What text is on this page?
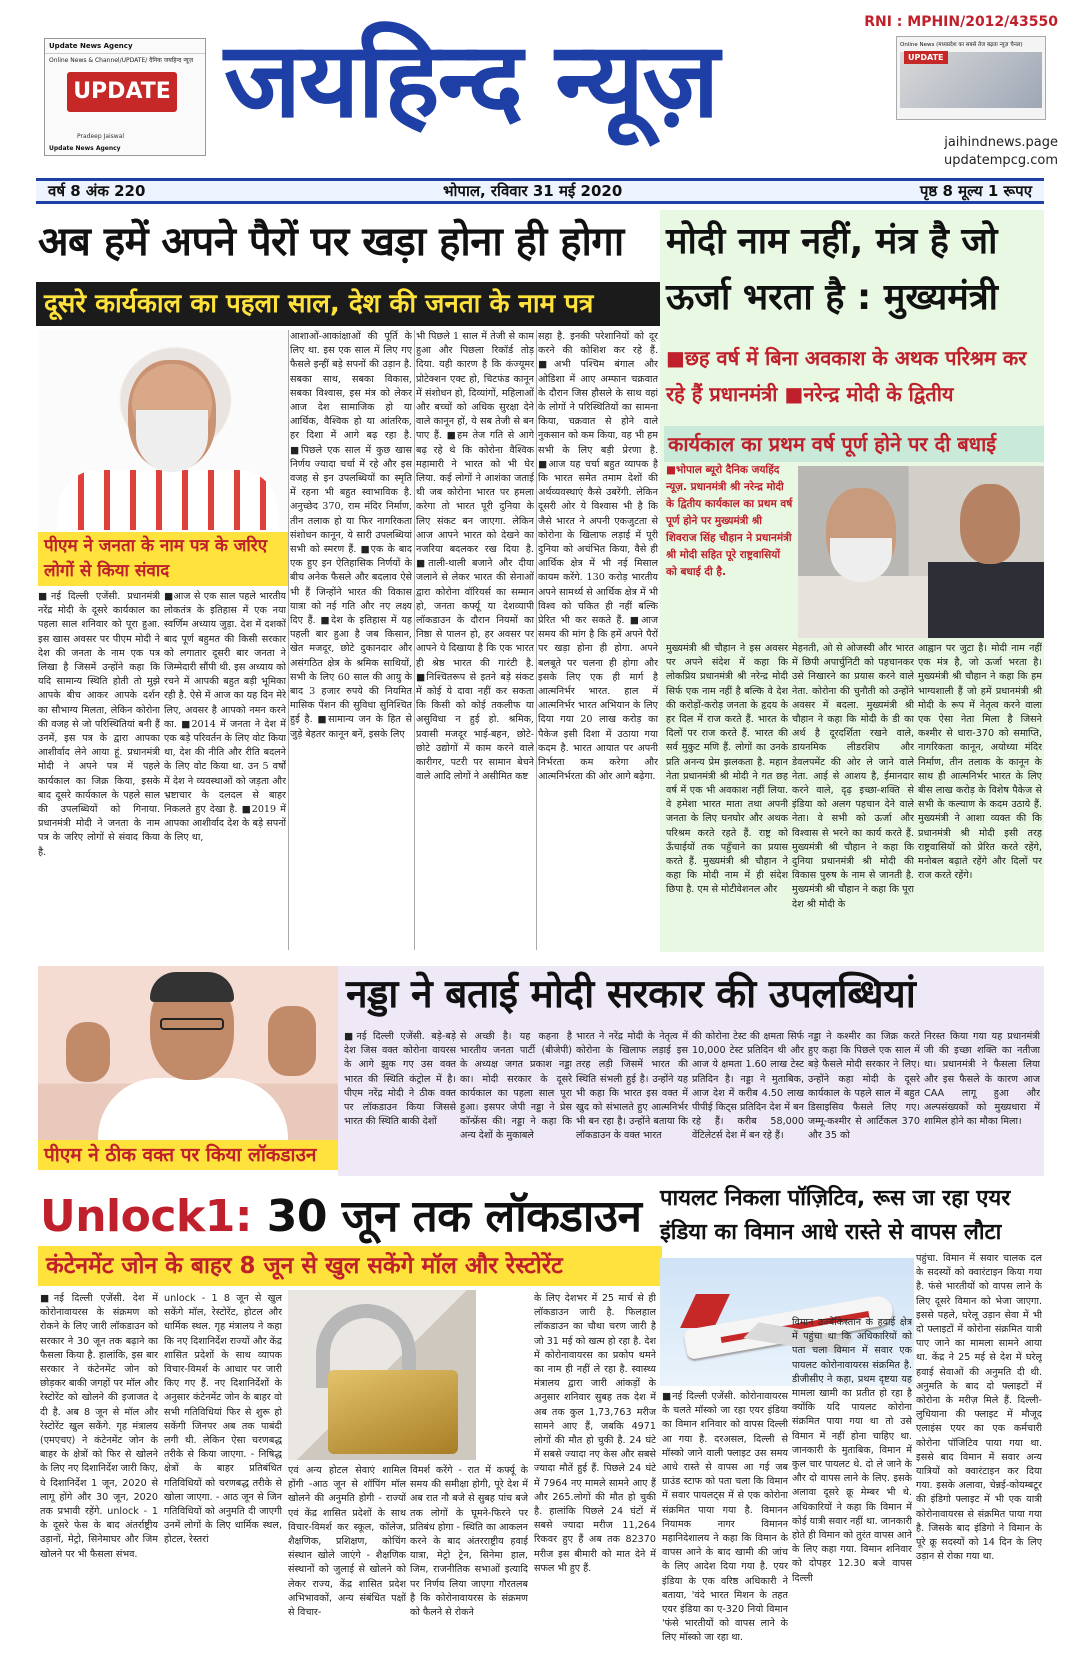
RNI : MPHIN/2012/43550
Update News Agency
Online News & Channel/UPDATE/ दैनिक जयहिन्द न्यूज़
UPDATE
Pradeep Jaiswal
Update News Agency
जयहिन्द न्यूज़	Online News (मध्यप्रदेश का सबसे तेज बढ़ता न्यूज़ चैनल)
UPDATE
jaihindnews.page
updatempcg.com
वर्ष 8 अंक 220	भोपाल, रविवार 31 मई 2020	पृष्ठ 8 मूल्य 1 रूपए
अब हमें अपने पैरों पर खड़ा होना ही होगा
दूसरे कार्यकाल का पहला साल, देश की जनता के नाम पत्र
पीएम ने जनता के नाम पत्र के जरिए लोगों से किया संवाद
■नई दिल्ली एजेंसी. प्रधानमंत्री नरेंद्र मोदी के दूसरे कार्यकाल का पहला साल शनिवार को पूरा हुआ. इस खास अवसर पर पीएम मोदी ने देश की जनता के नाम एक पत्र लिखा है जिसमें उन्होंने कहा कि यदि सामान्य स्थिति होती तो मुझे आपके बीच आकर आपके दर्शन का सौभाग्य मिलता, लेकिन कोरोना की वजह से जो परिस्थितियां बनी हैं उनमें, इस पत्र के द्वारा आपका आशीर्वाद लेने आया हूं. प्रधानमंत्री मोदी ने अपने पत्र में पहले कार्यकाल का जिक्र किया, इसके बाद दूसरे कार्यकाल के पहले साल की उपलब्धियों को गिनाया. प्रधानमंत्री मोदी ने जनता के नाम पत्र के जरिए लोगों से संवाद किया है.
■आज से एक साल पहले भारतीय लोकतंत्र के इतिहास में एक नया स्वर्णिम अध्याय जुड़ा. देश में दशकों बाद पूर्ण बहुमत की किसी सरकार को लगातार दूसरी बार जनता ने जिम्मेदारी सौंपी थी. इस अध्याय को रचने में आपकी बहुत बड़ी भूमिका रही है. ऐसे में आज का यह दिन मेरे लिए, अवसर है आपको नमन करने का. ■2014 में जनता ने देश में एक बड़े परिवर्तन के लिए वोट किया था, देश की नीति और रीति बदलने के लिए वोट किया था. उन 5 वर्षों में देश ने व्यवस्थाओं को जड़ता और भ्रष्टाचार के दलदल से बाहर निकलते हुए देखा है. ■2019 में आपका आशीर्वाद देश के बड़े सपनों के लिए था,
आशाओं-आकांक्षाओं की पूर्ति के लिए था. इस एक साल में लिए गए फैसले इन्हीं बड़े सपनों की उड़ान है. सबका साथ, सबका विकास, सबका विश्वास, इस मंत्र को लेकर आज देश सामाजिक हो या आर्थिक, वैश्विक हो या आंतरिक, हर दिशा में आगे बढ़ रहा है. ■पिछले एक साल में कुछ खास निर्णय ज्यादा चर्चा में रहे और इस वजह से इन उपलब्धियों का स्मृति में रहना भी बहुत स्वाभाविक है. अनुच्छेद 370, राम मंदिर निर्माण, तीन तलाक हो या फिर नागरिकता संशोधन कानून, ये सारी उपलब्धियां सभी को स्मरण हैं. ■एक के बाद एक हुए इन ऐतिहासिक निर्णयों के बीच अनेक फैसले और बदलाव ऐसे भी हैं जिन्होंने भारत की विकास यात्रा को नई गति और नए लक्ष्य दिए हैं. ■देश के इतिहास में यह पहली बार हुआ है जब किसान, खेत मजदूर, छोटे दुकानदार और असंगठित क्षेत्र के श्रमिक साथियों, सभी के लिए 60 साल की आयु के बाद 3 हजार रुपये की नियमित मासिक पेंशन की सुविधा सुनिश्चित हुई है. ■सामान्य जन के हित से जुड़े बेहतर कानून बनें, इसके लिए
भी पिछले 1 साल में तेजी से काम हुआ और पिछला रिकॉर्ड तोड़ दिया. यही कारण है कि कंज्यूमर प्रोटेक्शन एक्ट हो, चिटफंड कानून में संशोधन हो, दिव्यांगों, महिलाओं और बच्चों को अधिक सुरक्षा देने वाले कानून हों, ये सब तेजी से बन पाए हैं. ■हम तेज गति से आगे बढ़ रहे थे कि कोरोना वैश्विक महामारी ने भारत को भी घेर लिया. कई लोगों ने आशंका जताई थी जब कोरोना भारत पर हमला करेगा तो भारत पूरी दुनिया के लिए संकट बन जाएगा. लेकिन आज आपने भारत को देखने का नजरिया बदलकर रख दिया है. ■ताली-थाली बजाने और दीया जलाने से लेकर भारत की सेनाओं द्वारा कोरोना वॉरियर्स का सम्मान हो, जनता कर्फ्यू या देशव्यापी लॉकडाउन के दौरान नियमों का निष्ठा से पालन हो, हर अवसर पर आपने ये दिखाया है कि एक भारत ही श्रेष्ठ भारत की गारंटी है. ■निश्चितरूप से इतने बड़े संकट में कोई ये दावा नहीं कर सकता कि किसी को कोई तकलीफ या असुविधा न हुई हो. श्रमिक, प्रवासी मजदूर भाई-बहन, छोटे-छोटे उद्योगों में काम करने वाले कारीगर, पटरी पर सामान बेचने वाले आदि लोगों ने असीमित कष्ट
सहा है. इनकी परेशानियों को दूर करने की कोशिश कर रहे हैं. ■अभी पश्चिम बंगाल और ओडिशा में आए अम्फान चक्रवात के दौरान जिस हौसले के साथ वहां के लोगों ने परिस्थितियों का सामना किया, चक्रवात से होने वाले नुकसान को कम किया, वह भी हम सभी के लिए बड़ी प्रेरणा है. ■आज यह चर्चा बहुत व्यापक है कि भारत समेत तमाम देशों की अर्थव्यवस्थाएं कैसे उबरेंगी. लेकिन दूसरी ओर ये विश्वास भी है कि जैसे भारत ने अपनी एकजुटता से कोरोना के खिलाफ लड़ाई में पूरी दुनिया को अचंभित किया, वैसे ही आर्थिक क्षेत्र में भी नई मिसाल कायम करेंगे. 130 करोड़ भारतीय अपने सामर्थ्य से आर्थिक क्षेत्र में भी विश्व को चकित ही नहीं बल्कि प्रेरित भी कर सकते हैं. ■आज समय की मांग है कि हमें अपने पैरों पर खड़ा होना ही होगा. अपने बलबूते पर चलना ही होगा और इसके लिए एक ही मार्ग है आत्मनिर्भर भारत. हाल में आत्मनिर्भर भारत अभियान के लिए दिया गया 20 लाख करोड़ का पैकेज इसी दिशा में उठाया गया कदम है. भारत आयात पर अपनी निर्भरता कम करेगा और आत्मनिर्भरता की ओर आगे बढ़ेगा.
मोदी नाम नहीं, मंत्र है जो ऊर्जा भरता है : मुख्यमंत्री
■छह वर्ष में बिना अवकाश के अथक परिश्रम कर रहे हैं प्रधानमंत्री ■नरेन्द्र मोदी के द्वितीय
कार्यकाल का प्रथम वर्ष पूर्ण होने पर दी बधाई
■भोपाल ब्यूरो दैनिक जयहिंद न्यूज़. प्रधानमंत्री श्री नरेन्द्र मोदी के द्वितीय कार्यकाल का प्रथम वर्ष पूर्ण होने पर मुख्यमंत्री श्री शिवराज सिंह चौहान ने प्रधानमंत्री श्री मोदी सहित पूरे राष्ट्रवासियों को बधाई दी है.
मुख्यमंत्री श्री चौहान ने इस अवसर पर अपने संदेश में कहा कि लोकप्रिय प्रधानमंत्री श्री नरेन्द्र मोदी सिर्फ एक नाम नहीं है बल्कि वे देश की करोड़ों-करोड़ जनता के हृदय के हर दिल में राज करते हैं. भारत के दिलों पर राज करते हैं. भारत की सर्व मुकुट मणि हैं. लोगों का उनके प्रति अनन्य प्रेम झलकता है. महान नेता प्रधानमंत्री श्री मोदी ने गत छह वर्ष में एक भी अवकाश नहीं लिया. वे हमेशा भारत माता तथा अपनी जनता के लिए घनघोर और अथक परिश्रम करते रहते हैं. राष्ट्र को ऊँचाईयों तक पहुँचाने का प्रयास करते हैं. मुख्यमंत्री श्री चौहान ने कहा कि मोदी नाम में ही संदेश छिपा है. एम से मोटीवेशनल और
मेहनती, ओ से ओजस्वी और भारत में छिपी अपार्चुनिटी को पहचानकर उसे निखारने का प्रयास करने वाले नेता. कोरोना की चुनौती को उन्होंने अवसर में बदला. मुख्यमंत्री श्री चौहान ने कहा कि मोदी के डी का अर्थ है दूरदर्शिता रखने वाले, डायनमिक लीडरशिप और डेवलपमेंट की ओर ले जाने वाले नेता. आई से आशय है, ईमानदार करने वाले, दृढ़ इच्छा-शक्ति से इंडिया को अलग पहचान देने वाले नेता। वे सभी को ऊर्जा और विश्वास से भरने का कार्य करते हैं. मुख्यमंत्री श्री चौहान ने कहा कि दुनिया प्रधानमंत्री श्री मोदी की विकास पुरुष के नाम से जानती है. मुख्यमंत्री श्री चौहान ने कहा कि पूरा देश श्री मोदी के
आह्वान पर जुटा है। मोदी नाम नहीं एक मंत्र है, जो ऊर्जा भरता है। मुख्यमंत्री श्री चौहान ने कहा कि हम भाग्यशाली हैं जो हमें प्रधानमंत्री श्री मोदी के रूप में नेतृत्व करने वाला एक ऐसा नेता मिला है जिसने कश्मीर से धारा-370 को समाप्ति, नागरिकता कानून, अयोध्या मंदिर निर्माण, तीन तलाक के कानून के साथ ही आत्मनिर्भर भारत के लिए बीस लाख करोड़ के विशेष पैकेज से सभी के कल्याण के कदम उठाये हैं. मुख्यमंत्री ने आशा व्यक्त की कि प्रधानमंत्री श्री मोदी इसी तरह राष्ट्रवासियों को प्रेरित करते रहेंगे, मनोबल बढ़ाते रहेंगे और दिलों पर राज करते रहेंगे।
पीएम ने ठीक वक्त पर किया लॉकडाउन
नड्डा ने बताई मोदी सरकार की उपलब्धियां
■नई दिल्ली एजेंसी. बड़े-बड़े देश जिस वक्त कोरोना वायरस के आगे झुक गए उस वक्त भारत की स्थिति कंट्रोल में है। पीएम नरेंद्र मोदी ने ठीक वक्त पर लॉकडाउन किया जिससे भारत की स्थिति बाकी देशों
से अच्छी है। यह कहना है भारतीय जनता पार्टी (बीजेपी) के अध्यक्ष जगत प्रकाश नड्डा का। मोदी सरकार के दूसरे कार्यकाल का पहला साल पूरा हुआ। इसपर जेपी नड्डा ने प्रेस कॉन्फ्रेंस की। नड्डा ने कहा कि अन्य देशों के मुकाबले
भारत ने नरेंद्र मोदी के नेतृत्व में कोरोना के खिलाफ लड़ाई इस तरह लड़ी जिसमें भारत की स्थिति संभली हुई है। उन्होंने यह भी कहा कि भारत इस वक्त में खुद को संभालते हुए आत्मनिर्भर भी बन रहा है। उन्होंने बताया कि लॉकडाउन के वक्त भारत
की कोरोना टेस्ट की क्षमता सिर्फ 10,000 टेस्ट प्रतिदिन थी और आज ये क्षमता 1.60 लाख टेस्ट प्रतिदिन है। नड्डा ने मुताबिक, आज देश में करीब 4.50 लाख पीपीई किट्स प्रतिदिन देश में बन रहे हैं। करीब 58,000 वेंटिलेटर्स देश में बन रहे हैं।
नड्डा ने कश्मीर का जिक्र करते हुए कहा कि पिछले एक साल में बड़े फैसले मोदी सरकार ने लिए। उन्होंने कहा मोदी के दूसरे कार्यकाल के पहले साल में बहुत डिसाइसिव फैसले लिए गए। जम्मू-कश्मीर से आर्टिकल 370 और 35 को
निरस्त किया गया यह प्रधानमंत्री जी की इच्छा शक्ति का नतीजा था। प्रधानमंत्री ने फैसला लिया और इस फैसले के कारण आज CAA लागू हुआ और अल्पसंख्यकों को मुख्यधारा में शामिल होने का मौका मिला।
Unlock1: 30 जून तक लॉकडाउन
कंटेनमेंट जोन के बाहर 8 जून से खुल सकेंगे मॉल और रेस्टोरेंट
■नई दिल्ली एजेंसी. देश में कोरोनावायरस के संक्रमण को रोकने के लिए जारी लॉकडाउन को सरकार ने 30 जून तक बढ़ाने का फैसला किया है. हालांकि, इस बार सरकार ने कंटेनमेंट जोन को छोड़कर बाकी जगहों पर मॉल और रेस्टोरेंट को खोलने की इजाजत दे दी है. अब 8 जून से मॉल और रेस्टोरेंट खुल सकेंगे. गृह मंत्रालय (एमएचए) ने कंटेनमेंट जोन के बाहर के क्षेत्रों को फिर से खोलने के लिए नए दिशानिर्देश जारी किए, ये दिशानिर्देश 1 जून, 2020 से लागू होंगे और 30 जून, 2020 तक प्रभावी रहेंगे. unlock - 1 के दूसरे फेस के बाद अंतर्राष्ट्रीय उड़ानों, मेट्रो, सिनेमाघर और जिम खोलने पर भी फैसला संभव.
unlock - 1 8 जून से खुल सकेंगे मॉल, रेस्टोरेंट, होटल और धार्मिक स्थल. गृह मंत्रालय ने कहा कि नए दिशानिर्देश राज्यों और केंद्र शासित प्रदेशों के साथ व्यापक विचार-विमर्श के आधार पर जारी किए गए हैं. नए दिशानिर्देशों के अनुसार कंटेनमेंट जोन के बाहर वो सभी गतिविधियां फिर से शुरू हो सकेंगी जिनपर अब तक पाबंदी लगी थी. लेकिन ऐसा चरणबद्ध तरीके से किया जाएगा. - निषिद्ध क्षेत्रों के बाहर प्रतिबंधित गतिविधियों को चरणबद्ध तरीके से खोला जाएगा. - आठ जून से जिन गतिविधियों को अनुमति दी जाएगी उनमें लोगों के लिए धार्मिक स्थल, होटल, रेस्तरां
एवं अन्य होटल सेवाएं शामिल होंगी -आठ जून से शॉपिंग मॉल खोलने की अनुमति होगी - राज्यों एवं केंद्र शासित प्रदेशों के साथ विचार-विमर्श कर स्कूल, कॉलेज, शैक्षणिक, प्रशिक्षण, कोचिंग संस्थान खोले जाएंगे - शैक्षणिक संस्थानों को जुलाई से खोलने को लेकर राज्य, केंद्र शासित प्रदेश अभिभावकों, अन्य संबंधित पक्षों से विचार-
विमर्श करेंगे - रात में कर्फ्यू के समय की समीक्षा होगी, पूरे देश में अब रात नौ बजे से सुबह पांच बजे तक लोगों के घूमने-फिरने पर प्रतिबंध होगा - स्थिति का आकलन करने के बाद अंतरराष्ट्रीय हवाई यात्रा, मेट्रो ट्रेन, सिनेमा हाल, जिम, राजनीतिक सभाओं इत्यादि पर निर्णय लिया जाएगा गौरतलब है कि कोरोनावायरस के संक्रमण को फैलने से रोकने
के लिए देशभर में 25 मार्च से ही लॉकडाउन जारी है. फिलहाल लॉकडाउन का चौथा चरण जारी है जो 31 मई को खत्म हो रहा है. देश में कोरोनावायरस का प्रकोप थमने का नाम ही नहीं ले रहा है. स्वास्थ्य मंत्रालय द्वारा जारी आंकड़ों के अनुसार शनिवार सुबह तक देश में अब तक कुल 1,73,763 मरीज सामने आए हैं, जबकि 4971 लोगों की मौत हो चुकी है. 24 घंटे में सबसे ज्यादा नए केस और सबसे ज्यादा मौतें हुई हैं. पिछले 24 घंटे में 7964 नए मामले सामने आए हैं और 265.लोगों की मौत हो चुकी है. हालांकि पिछले 24 घंटों में सबसे ज्यादा मरीज 11,264 रिकवर हुए हैं अब तक 82370 मरीज इस बीमारी को मात देने में सफल भी हुए हैं.
पायलट निकला पॉज़िटिव, रूस जा रहा एयर इंडिया का विमान आधे रास्ते से वापस लौटा
■नई दिल्ली एजेंसी. कोरोनावायरस के चलते मॉस्को जा रहा एयर इंडिया का विमान शनिवार को वापस दिल्ली आ गया है. दरअसल, दिल्ली से मॉस्को जाने वाली फ्लाइट उस समय आधे रास्ते से वापस आ गई जब ग्राउंड स्टाफ को पता चला कि विमान में सवार पायलट्स में से एक कोरोना संक्रमित पाया गया है. विमानन नियामक नागर विमानन महानिदेशालय ने कहा कि विमान के वापस आने के बाद खामी की जांच के लिए आदेश दिया गया है. एयर इंडिया के एक वरिष्ठ अधिकारी ने बताया, 'वंदे भारत मिशन के तहत एयर इंडिया का ए-320 नियो विमान 'फंसे भारतीयों को वापस लाने के लिए मॉस्को जा रहा था.
विमान उज्बेकिस्तान के हवाई क्षेत्र में पहुंचा था कि अधिकारियों को पता चला विमान में सवार एक पायलट कोरोनावायरस संक्रमित है. डीजीसीए ने कहा, प्रथम दृष्टया यह मामला खामी का प्रतीत हो रहा है क्योंकि यदि पायलट कोरोना संक्रमित पाया गया था तो उसे विमान में नहीं होना चाहिए था. जानकारी के मुताबिक, विमान में कुल चार पायलट थे. दो ले जाने के और दो वापस लाने के लिए. इसके अलावा दूसरे क्रू मेम्बर भी थे. अधिकारियों ने कहा कि विमान में कोई यात्री सवार नहीं था. जानकारी होते ही विमान को तुरंत वापस आने के लिए कहा गया. विमान शनिवार को दोपहर 12.30 बजे वापस दिल्ली
पहुंचा. विमान में सवार चालक दल के सदस्यों को क्वारंटाइन किया गया है. फंसे भारतीयों को वापस लाने के लिए दूसरे विमान को भेजा जाएगा. इससे पहले, घरेलू उड़ान सेवा में भी दो फ्लाइटों में कोरोना संक्रमित यात्री पाए जाने का मामला सामने आया था. केंद्र ने 25 मई से देश में घरेलू हवाई सेवाओं की अनुमति दी थी. अनुमति के बाद दो फ्लाइटों में कोरोना के मरीज़ मिले हैं. दिल्ली-लुधियाना की फ्लाइट में मौजूद एलाइंस एयर का एक कर्मचारी कोरोना पॉजिटिव पाया गया था. इससे बाद विमान में सवार अन्य यात्रियों को क्वारंटाइन कर दिया गया. इसके अलावा, चेन्नई-कोयम्बटूर की इंडिगो फ्लाइट में भी एक यात्री कोरोनावायरस से संक्रमित पाया गया है. जिसके बाद इंडिगो ने विमान के पूरे क्रू सदस्यों को 14 दिन के लिए उड़ान से रोका गया था.
